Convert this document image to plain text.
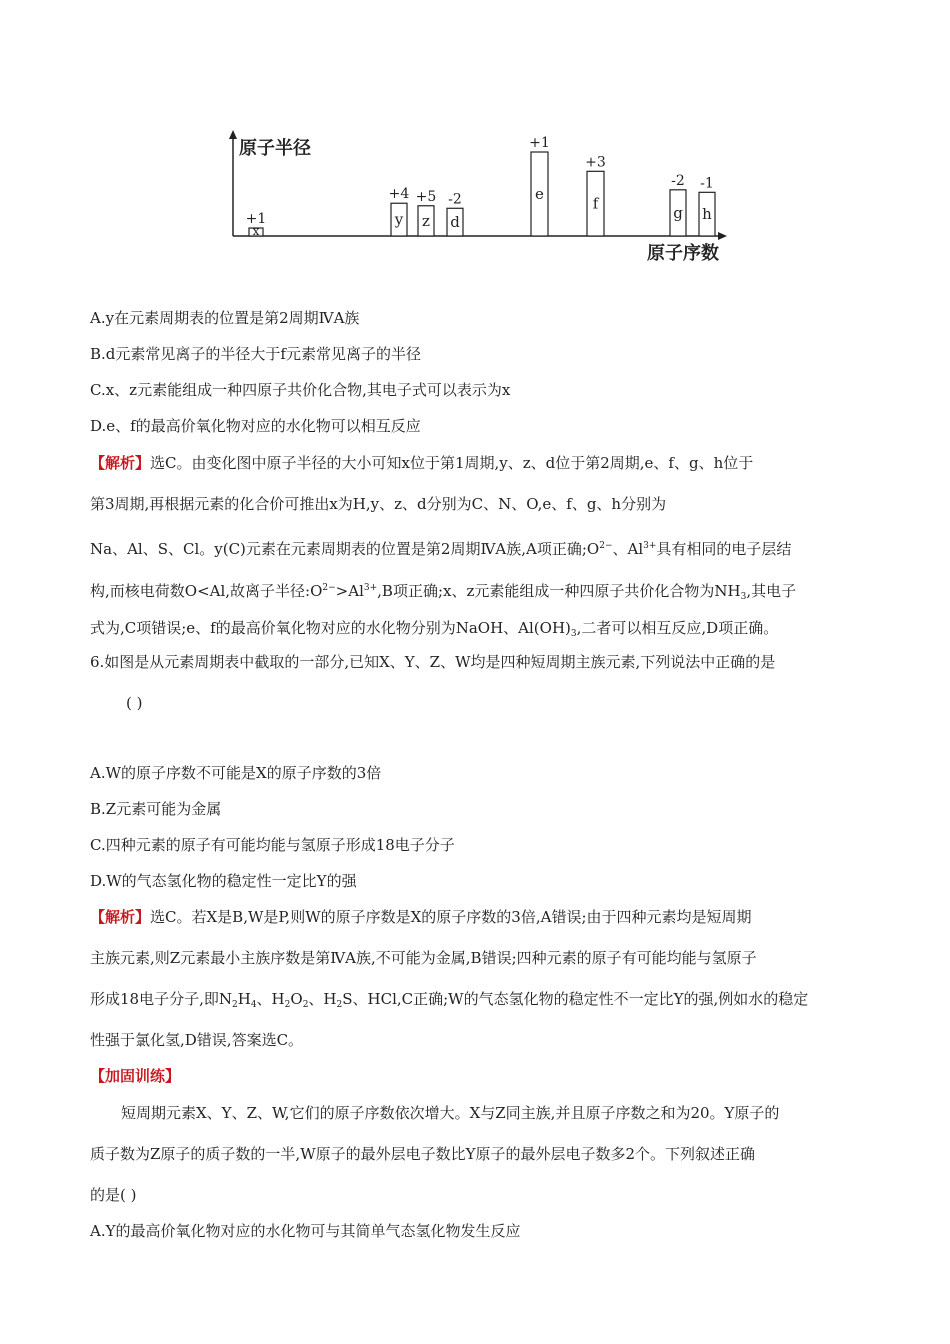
原子半径
原子序数
x
+1	y
+4
z
+5
d
-2	e
+1
f
+3
g
-2
h
-1
A.y在元素周期表的位置是第2周期ⅣA族
B.d元素常见离子的半径大于f元素常见离子的半径
C.x、z元素能组成一种四原子共价化合物,其电子式可以表示为x
D.e、f的最高价氧化物对应的水化物可以相互反应
【解析】选C。由变化图中原子半径的大小可知x位于第1周期,y、z、d位于第2周期,e、f、g、h位于
第3周期,再根据元素的化合价可推出x为H,y、z、d分别为C、N、O,e、f、g、h分别为
Na、Al、S、Cl。y(C)元素在元素周期表的位置是第2周期ⅣA族,A项正确$;O^{2-}$、$Al^{3+}$具有相同的电子层结
构,而核电荷数O<Al,故离子半径$:O^{2-}>Al^{3+},B$项正确;x、z元素能组成一种四原子共价化合物为$NH_3$,其电子
式为,C项错误;e、f的最高价氧化物对应的水化物分别为NaOH、$Al(OH)_3$,二者可以相互反应,D项正确。
6.如图是从元素周期表中截取的一部分,已知X、Y、Z、W均是四种短周期主族元素,下列说法中正确的是
( )
A.W的原子序数不可能是X的原子序数的3倍
B.Z元素可能为金属
C.四种元素的原子有可能均能与氢原子形成18电子分子
D.W的气态氢化物的稳定性一定比Y的强
【解析】选C。若X是B,W是P,则W的原子序数是X的原子序数的3倍,A错误;由于四种元素均是短周期
主族元素,则Z元素最小主族序数是第ⅣA族,不可能为金属,B错误;四种元素的原子有可能均能与氢原子
形成18电子分子,即$N_2H_4$、$H_2O_2$、$H_2S$、HCl,C正确;W的气态氢化物的稳定性不一定比Y的强,例如水的稳定
性强于氯化氢,D错误,答案选C。
【加固训练】
短周期元素X、Y、Z、W,它们的原子序数依次增大。X与Z同主族,并且原子序数之和为20。Y原子的
质子数为Z原子的质子数的一半,W原子的最外层电子数比Y原子的最外层电子数多2个。下列叙述正确
的是( )
A.Y的最高价氧化物对应的水化物可与其简单气态氢化物发生反应
